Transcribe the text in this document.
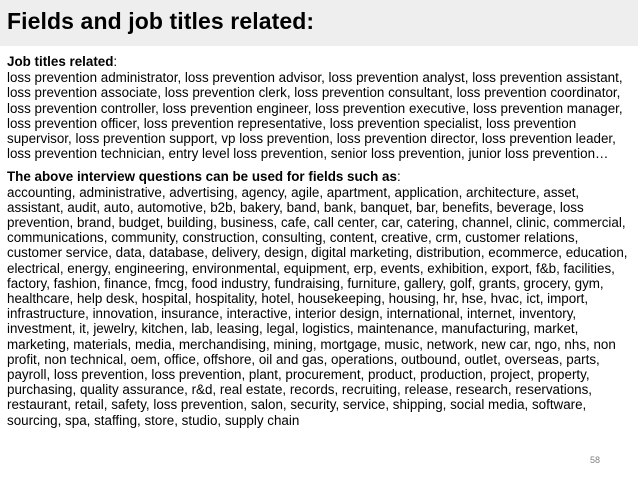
Fields and job titles related:

Job titles related:

loss prevention administrator, loss prevention advisor, loss prevention analyst, loss prevention assistant, loss prevention associate, loss prevention clerk, loss prevention consultant, loss prevention coordinator, loss prevention controller, loss prevention engineer, loss prevention executive, loss prevention manager, loss prevention officer, loss prevention representative, loss prevention specialist, loss prevention supervisor, loss prevention support, vp loss prevention, loss prevention director, loss prevention leader, loss prevention technician, entry level loss prevention, senior loss prevention, junior loss prevention…

The above interview questions can be used for fields such as:

accounting, administrative, advertising, agency, agile, apartment, application, architecture, asset, assistant, audit, auto, automotive, b2b, bakery, band, bank, banquet, bar, benefits, beverage, loss prevention, brand, budget, building, business, cafe, call center, car, catering, channel, clinic, commercial, communications, community, construction, consulting, content, creative, crm, customer relations, customer service, data, database, delivery, design, digital marketing, distribution, ecommerce, education, electrical, energy, engineering, environmental, equipment, erp, events, exhibition, export, f&b, facilities, factory, fashion, finance, fmcg, food industry, fundraising, furniture, gallery, golf, grants, grocery, gym, healthcare, help desk, hospital, hospitality, hotel, housekeeping, housing, hr, hse, hvac, ict, import, infrastructure, innovation, insurance, interactive, interior design, international, internet, inventory, investment, it, jewelry, kitchen, lab, leasing, legal, logistics, maintenance, manufacturing, market, marketing, materials, media, merchandising, mining, mortgage, music, network, new car, ngo, nhs, non profit, non technical, oem, office, offshore, oil and gas, operations, outbound, outlet, overseas, parts, payroll, loss prevention, loss prevention, plant, procurement, product, production, project, property, purchasing, quality assurance, r&d, real estate, records, recruiting, release, research, reservations, restaurant, retail, safety, loss prevention, salon, security, service, shipping, social media, software, sourcing, spa, staffing, store, studio, supply chain

58
